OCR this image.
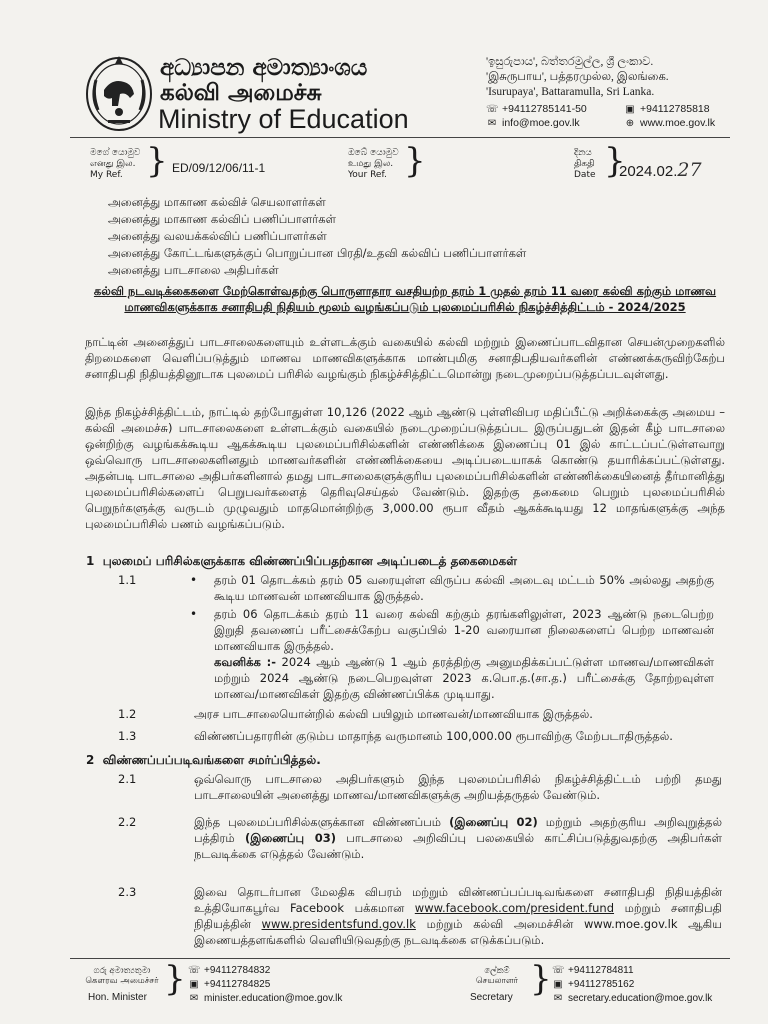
අධ්‍යාපන අමාත්‍යාංශය
கல்வி அமைச்சு
Ministry of Education
'ඉසුරුපාය', බත්තරමුල්ල, ශ්‍රී ලංකාව.
'இசுருபாய', பத்தரமுல்ல, இலங்கை.
'Isurupaya', Battaramulla, Sri Lanka.
☏ +94112785141-50	▣ +94112785818
✉ info@moe.gov.lk	⊕ www.moe.gov.lk
මගේ යොමුව
எனது இல.
My Ref. } ED/09/12/06/11-1
ඔබේ යොමුව
உமது இல.
Your Ref. }	දිනය
திகதி
Date }
2024.02.27
அனைத்து மாகாண கல்விச் செயலாளர்கள்
அனைத்து மாகாண கல்விப் பணிப்பாளர்கள்
அனைத்து வலயக்கல்விப் பணிப்பாளர்கள்
அனைத்து கோட்டங்களுக்குப் பொறுப்பான பிரதி/உதவி கல்விப் பணிப்பாளர்கள்
அனைத்து பாடசாலை அதிபர்கள்
கல்வி நடவடிக்கைகளை மேற்கொள்வதற்கு பொருளாதார வசதியற்ற தரம் 1 முதல் தரம் 11 வரை கல்வி கற்கும் மாணவ மாணவிகளுக்காக சனாதிபதி நிதியம் மூலம் வழங்கப்படும் புலமைப்பரிசில் நிகழ்ச்சித்திட்டம் - 2024/2025
நாட்டின் அனைத்துப் பாடசாலைகளையும் உள்ளடக்கும் வகையில் கல்வி மற்றும் இணைப்பாடவிதான செயன்முறைகளில் திறமைகளை வெளிப்படுத்தும் மாணவ மாணவிகளுக்காக மாண்புமிகு சனாதிபதியவர்களின் எண்ணக்கருவிற்கேற்ப சனாதிபதி நிதியத்தினூடாக புலமைப் பரிசில் வழங்கும் நிகழ்ச்சித்திட்டமொன்று நடைமுறைப்படுத்தப்படவுள்ளது.
இந்த நிகழ்ச்சித்திட்டம், நாட்டில் தற்போதுள்ள 10,126 (2022 ஆம் ஆண்டு புள்ளிவிபர மதிப்பீட்டு அறிக்கைக்கு அமைய – கல்வி அமைச்சு) பாடசாலைகளை உள்ளடக்கும் வகையில் நடைமுறைப்படுத்தப்பட இருப்பதுடன் இதன் கீழ் பாடசாலை ஒன்றிற்கு வழங்கக்கூடிய ஆகக்கூடிய புலமைப்பரிசில்களின் எண்ணிக்கை இணைப்பு 01 இல் காட்டப்பட்டுள்ளவாறு ஒவ்வொரு பாடசாலைகளினதும் மாணவர்களின் எண்ணிக்கையை அடிப்படையாகக் கொண்டு தயாரிக்கப்பட்டுள்ளது. அதன்படி பாடசாலை அதிபர்களினால் தமது பாடசாலைகளுக்குரிய புலமைப்பரிசில்களின் எண்ணிக்கையினைத் தீர்மானித்து புலமைப்பரிசில்களைப் பெறுபவர்களைத் தெரிவுசெய்தல் வேண்டும். இதற்கு தகைமை பெறும் புலமைப்பரிசில் பெறுநர்களுக்கு வருடம் முழுவதும் மாதமொன்றிற்கு 3,000.00 ரூபா வீதம் ஆகக்கூடியது 12 மாதங்களுக்கு அந்த புலமைப்பரிசில் பணம் வழங்கப்படும்.
1 புலமைப் பரிசில்களுக்காக விண்ணப்பிப்பதற்கான அடிப்படைத் தகைமைகள்
1.1	• தரம் 01 தொடக்கம் தரம் 05 வரையுள்ள விருப்ப கல்வி அடைவு மட்டம் 50% அல்லது அதற்கு கூடிய மாணவன் மாணவியாக இருத்தல்.
• தரம் 06 தொடக்கம் தரம் 11 வரை கல்வி கற்கும் தரங்களிலுள்ள, 2023 ஆண்டு நடைபெற்ற இறுதி தவணைப் பரீட்சைக்கேற்ப வகுப்பில் 1-20 வரையான நிலைகளைப் பெற்ற மாணவன் மாணவியாக இருத்தல்.
கவனிக்க :- 2024 ஆம் ஆண்டு 1 ஆம் தரத்திற்கு அனுமதிக்கப்பட்டுள்ள மாணவ/மாணவிகள் மற்றும் 2024 ஆண்டு நடைபெறவுள்ள 2023 க.பொ.த.(சா.த.) பரீட்சைக்கு தோற்றவுள்ள மாணவ/மாணவிகள் இதற்கு விண்ணப்பிக்க முடியாது.
1.2	அரச பாடசாலையொன்றில் கல்வி பயிலும் மாணவன்/மாணவியாக இருத்தல்.
1.3	விண்ணப்பதாரரின் குடும்ப மாதாந்த வருமானம் 100,000.00 ரூபாவிற்கு மேற்படாதிருத்தல்.
2 விண்ணப்பப்படிவங்களை சமர்ப்பித்தல்.
2.1	ஒவ்வொரு பாடசாலை அதிபர்களும் இந்த புலமைப்பரிசில் நிகழ்ச்சித்திட்டம் பற்றி தமது பாடசாலையின் அனைத்து மாணவ/மாணவிகளுக்கு அறியத்தருதல் வேண்டும்.
2.2	இந்த புலமைப்பரிசில்களுக்கான விண்ணப்பம் (இணைப்பு 02) மற்றும் அதற்குரிய அறிவுறுத்தல் பத்திரம் (இணைப்பு 03) பாடசாலை அறிவிப்பு பலகையில் காட்சிப்படுத்துவதற்கு அதிபர்கள் நடவடிக்கை எடுத்தல் வேண்டும்.
2.3	இவை தொடர்பான மேலதிக விபரம் மற்றும் விண்ணப்பப்படிவங்களை சனாதிபதி நிதியத்தின் உத்தியோகபூர்வ Facebook பக்கமான www.facebook.com/president.fund மற்றும் சனாதிபதி நிதியத்தின் www.presidentsfund.gov.lk மற்றும் கல்வி அமைச்சின் www.moe.gov.lk ஆகிய இணையத்தளங்களில் வெளியிடுவதற்கு நடவடிக்கை எடுக்கப்படும்.
ගරු අමාත්‍යතුමා
கௌரவ அமைச்சர்
Hon. Minister } ☏ +94112784832
▣ +94112784825
✉ minister.education@moe.gov.lk
ලේකම්
செயலாளர்
Secretary } ☏ +94112784811
▣ +94112785162
✉ secretary.education@moe.gov.lk
